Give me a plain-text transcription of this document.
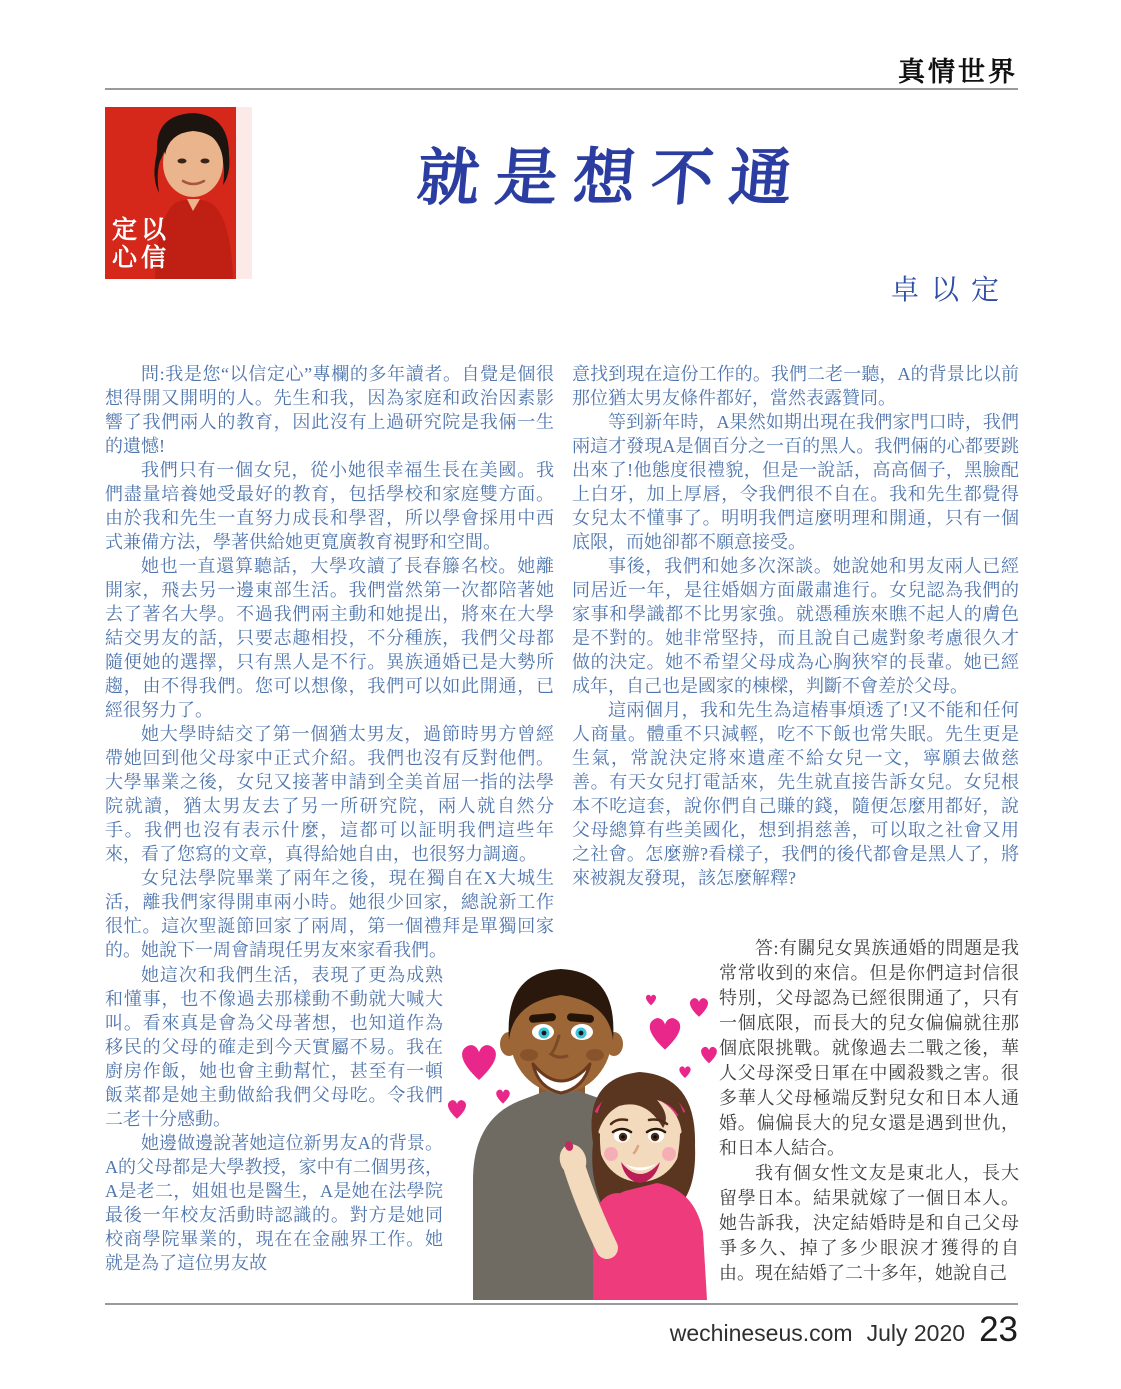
真情世界
定以
心信
就是想不通
卓以定

問:我是您“以信定心”專欄的多年讀者。自覺是個很想得開又開明的人。先生和我，因為家庭和政治因素影響了我們兩人的教育，因此沒有上過研究院是我倆一生的遺憾!

我們只有一個女兒，從小她很幸福生長在美國。我們盡量培養她受最好的教育，包括學校和家庭雙方面。由於我和先生一直努力成長和學習，所以學會採用中西式兼備方法，學著供給她更寬廣教育視野和空間。

她也一直還算聽話，大學攻讀了長春籐名校。她離開家，飛去另一邊東部生活。我們當然第一次都陪著她去了著名大學。不過我們兩主動和她提出，將來在大學結交男友的話，只要志趣相投，不分種族，我們父母都隨便她的選擇，只有黑人是不行。異族通婚已是大勢所趨，由不得我們。您可以想像，我們可以如此開通，已經很努力了。

她大學時結交了第一個猶太男友，過節時男方曾經帶她回到他父母家中正式介紹。我們也沒有反對他們。大學畢業之後，女兒又接著申請到全美首屈一指的法學院就讀，猶太男友去了另一所研究院，兩人就自然分手。我們也沒有表示什麼，這都可以証明我們這些年來，看了您寫的文章，真得給她自由，也很努力調適。

女兒法學院畢業了兩年之後，現在獨自在X大城生活，離我們家得開車兩小時。她很少回家，總說新工作很忙。這次聖誕節回家了兩周，第一個禮拜是單獨回家的。她說下一周會請現任男友來家看我們。

她這次和我們生活，表現了更為成熟和懂事，也不像過去那樣動不動就大喊大叫。看來真是會為父母著想，也知道作為移民的父母的確走到今天實屬不易。我在廚房作飯，她也會主動幫忙，甚至有一頓飯菜都是她主動做給我們父母吃。令我們二老十分感動。

她邊做邊說著她這位新男友A的背景。A的父母都是大學教授，家中有二個男孩，A是老二，姐姐也是醫生，A是她在法學院最後一年校友活動時認識的。對方是她同校商學院畢業的，現在在金融界工作。她就是為了這位男友故

意找到現在這份工作的。我們二老一聽，A的背景比以前那位猶太男友條件都好，當然表露贊同。

等到新年時，A果然如期出現在我們家門口時，我們兩這才發現A是個百分之一百的黑人。我們倆的心都要跳出來了!他態度很禮貌，但是一說話，高高個子，黑臉配上白牙，加上厚唇，令我們很不自在。我和先生都覺得女兒太不懂事了。明明我們這麼明理和開通，只有一個底限，而她卻都不願意接受。

事後，我們和她多次深談。她說她和男友兩人已經同居近一年，是往婚姻方面嚴肅進行。女兒認為我們的家事和學識都不比男家強。就憑種族來瞧不起人的膚色是不對的。她非常堅持，而且說自己處對象考慮很久才做的決定。她不希望父母成為心胸狹窄的長輩。她已經成年，自己也是國家的棟樑，判斷不會差於父母。

這兩個月，我和先生為這樁事煩透了!又不能和任何人商量。體重不只減輕，吃不下飯也常失眠。先生更是生氣，常說決定將來遺產不給女兒一文，寧願去做慈善。有天女兒打電話來，先生就直接告訴女兒。女兒根本不吃這套，說你們自己賺的錢，隨便怎麼用都好，說父母總算有些美國化，想到捐慈善，可以取之社會又用之社會。怎麼辦?看樣子，我們的後代都會是黑人了，將來被親友發現，該怎麼解釋?

答:有關兒女異族通婚的問題是我常常收到的來信。但是你們這封信很特別，父母認為已經很開通了，只有一個底限，而長大的兒女偏偏就往那個底限挑戰。就像過去二戰之後，華人父母深受日軍在中國殺戮之害。很多華人父母極端反對兒女和日本人通婚。偏偏長大的兒女還是遇到世仇，和日本人結合。

我有個女性文友是東北人，長大留學日本。結果就嫁了一個日本人。她告訴我，決定結婚時是和自己父母爭多久、掉了多少眼淚才獲得的自由。現在結婚了二十多年，她說自己

wechineseus.com July 2020 23
